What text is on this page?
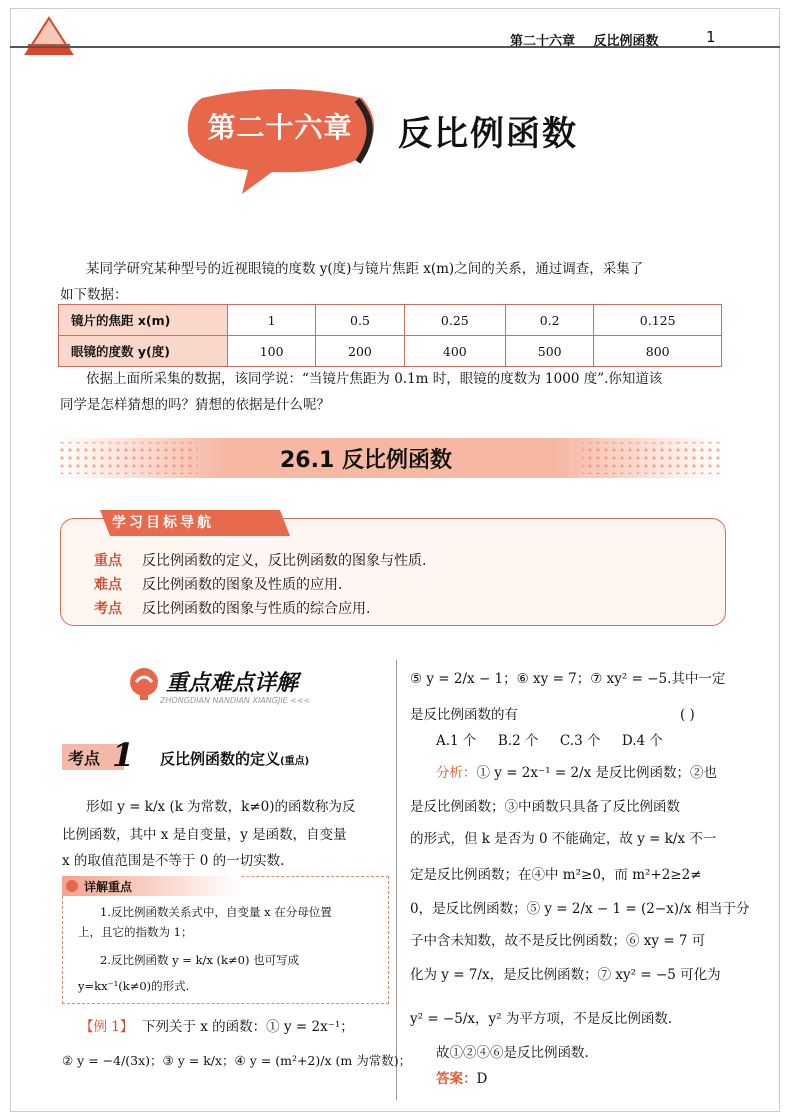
第二十六章 反比例函数	1
第二十六章	反比例函数
某同学研究某种型号的近视眼镜的度数 y(度)与镜片焦距 x(m)之间的关系，通过调查，采集了
如下数据：
镜片的焦距 x(m)	1	0.5	0.25	0.2	0.125
眼镜的度数 y(度)	100	200	400	500	800
依据上面所采集的数据，该同学说：“当镜片焦距为 0.1m 时，眼镜的度数为 1000 度”.你知道该
同学是怎样猜想的吗？猜想的依据是什么呢？
26.1 反比例函数
学习目标导航
重点 反比例函数的定义，反比例函数的图象与性质.
难点 反比例函数的图象及性质的应用.
考点 反比例函数的图象与性质的综合应用.
重点难点详解
ZHONGDIAN NANDIAN XIANGJIE <<<
考点 1 反比例函数的定义(重点)
形如 y = k/x (k 为常数，k≠0)的函数称为反
比例函数，其中 x 是自变量，y 是函数，自变量
x 的取值范围是不等于 0 的一切实数.
详解重点
1.反比例函数关系式中，自变量 x 在分母位置
上，且它的指数为 1；
2.反比例函数 y = k/x (k≠0) 也可写成
y=kx⁻¹(k≠0)的形式.
【例 1】 下列关于 x 的函数：① y = 2x⁻¹；
② y = −4/(3x)；③ y = k/x；④ y = (m²+2)/x (m 为常数)；
⑤ y = 2/x − 1；⑥ xy = 7；⑦ xy² = −5.其中一定
是反比例函数的有	( )
A.1 个     B.2 个     C.3 个     D.4 个
分析：① y = 2x⁻¹ = 2/x 是反比例函数；②也
是反比例函数；③中函数只具备了反比例函数
的形式，但 k 是否为 0 不能确定，故 y = k/x 不一
定是反比例函数；在④中 m²≥0，而 m²+2≥2≠
0，是反比例函数；⑤ y = 2/x − 1 = (2−x)/x 相当于分
子中含未知数，故不是反比例函数；⑥ xy = 7 可
化为 y = 7/x，是反比例函数；⑦ xy² = −5 可化为
y² = −5/x，y² 为平方项，不是反比例函数.
故①②④⑥是反比例函数.
答案：D
